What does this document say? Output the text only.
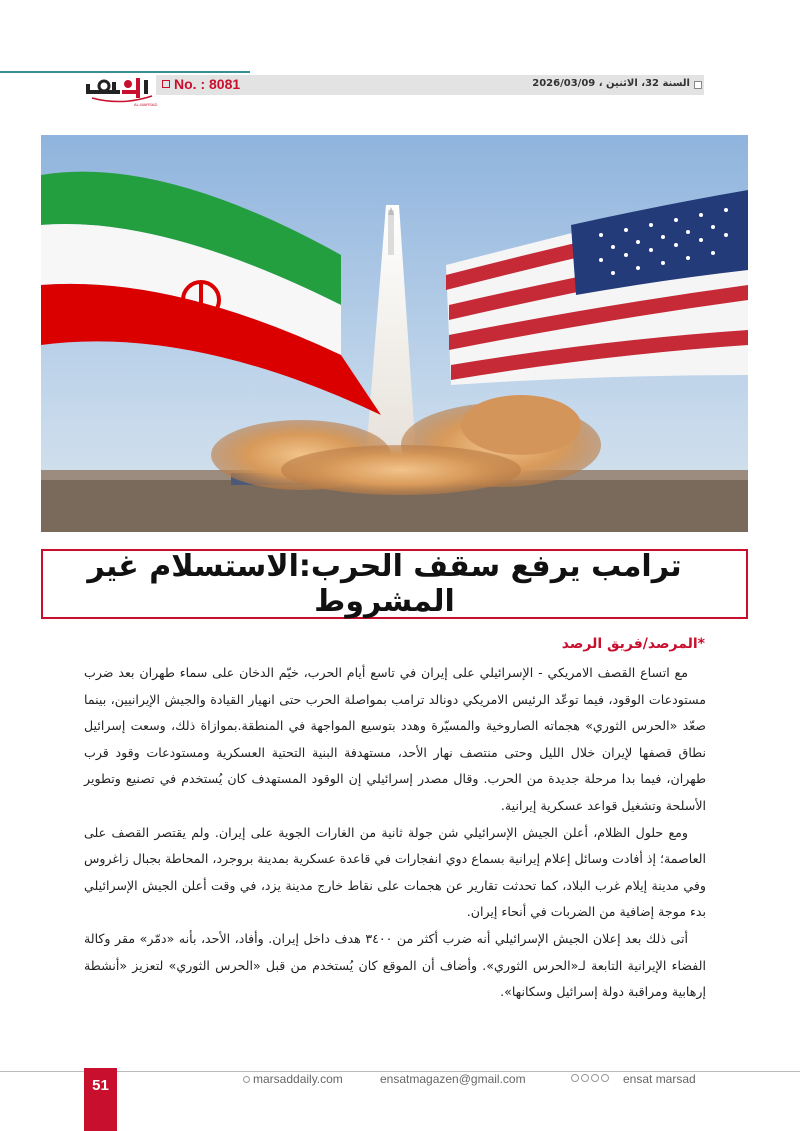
AL-MARSAD
No. : 8081	السنة 32، الاثنين ، 2026/03/09
ترامب يرفع سقف الحرب:الاستسلام غير المشروط
*المرصد/فريق الرصد

مع اتساع القصف الامريكي - الإسرائيلي على إيران في تاسع أيام الحرب، خيّم الدخان على سماء طهران بعد ضرب مستودعات الوقود، فيما توعّد الرئيس الامريكي دونالد ترامب بمواصلة الحرب حتى انهيار القيادة والجيش الإيرانيين، بينما صعّد «الحرس الثوري» هجماته الصاروخية والمسيّرة وهدد بتوسيع المواجهة في المنطقة.بموازاة ذلك، وسعت إسرائيل نطاق قصفها لإيران خلال الليل وحتى منتصف نهار الأحد، مستهدفة البنية التحتية العسكرية ومستودعات وقود قرب طهران، فيما بدا مرحلة جديدة من الحرب. وقال مصدر إسرائيلي إن الوقود المستهدف كان يُستخدم في تصنيع وتطوير الأسلحة وتشغيل قواعد عسكرية إيرانية.

ومع حلول الظلام، أعلن الجيش الإسرائيلي شن جولة ثانية من الغارات الجوية على إيران. ولم يقتصر القصف على العاصمة؛ إذ أفادت وسائل إعلام إيرانية بسماع دوي انفجارات في قاعدة عسكرية بمدينة بروجرد، المحاطة بجبال زاغروس وفي مدينة إيلام غرب البلاد، كما تحدثت تقارير عن هجمات على نقاط خارج مدينة يزد، في وقت أعلن الجيش الإسرائيلي بدء موجة إضافية من الضربات في أنحاء إيران.

أتى ذلك بعد إعلان الجيش الإسرائيلي أنه ضرب أكثر من ٣٤٠٠ هدف داخل إيران. وأفاد، الأحد، بأنه «دمّر» مقر وكالة الفضاء الإيرانية التابعة لـ«الحرس الثوري». وأضاف أن الموقع كان يُستخدم من قبل «الحرس الثوري» لتعزيز «أنشطة إرهابية ومراقبة دولة إسرائيل وسكانها».

51	marsaddaily.com	ensatmagazen@gmail.com	ensat marsad
